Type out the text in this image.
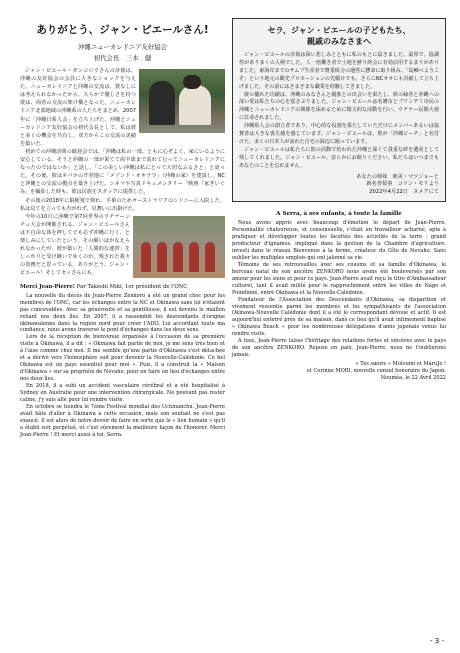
ありがとう、ジャン・ピエールさん!
沖縄ニューカレドニア友好協会
初代会長　三木　健

ジャン・ピエール・ゼンコロウさんの訃報は、沖縄の友好協会の会員に大きなショックを与えた。ニューカレドニアと沖縄の交流は、彼なしには考えられなかったから。大らかで優しさを持つ彼は、両者の交流の架け橋となった。ニューカレドニア北部地域の沖縄系の人たちをまとめ、2007年に「沖縄日系人会」を立ち上げた。沖縄とニューカレドニア友好協会の初代会長として、私は彼と多くの機会を共有し、双方からこの交流の実績を築いた。

初めての沖縄訪問の歓迎会では、「沖縄は私の一部、ともに心ぞよく、家にいるように安心している。そうと沖縄の一部が果てて両半球まで流れて行ってニューカレドニアになったのではないか」と話し、「この美しい沖縄は私にとって大切なふるさと」と語った。その後、彼はネバホの开発地に「メゾンド・オキナワ」（沖縄の家）を建設し、NCと沖縄との交流の拠点を築き上げた。シネマや写真ドキュメンタリー「映画「家ぎいぐみ」を撮影した時も、彼は民族をスタッフに提供した。

その後の2018年に脳梗塞で倒れ、手術のためオーストラリアのシドニーに入院した。私は見てを立っても否がれず、見舞いに出掛けた。

今年の10月に沖縄で第7回世界のウチナーンチュ大会が開催される。ジャン・ピエールさんは不自由な体を押してでも必ず沖縄に行く、と楽しみにしていたという。その願いはかなえられなかったが、彼が築いた「人間的な連帯」をしっかりと受け継いでゆくのが、残された我々の責務だと思っている。ありがとう、ジャン・ピエール！そしてセッさんにも。

Merci Jean-Pierre! Par Takeshi Miki, 1er président de l'ONC

La nouvelle du décès de Jean-Pierre Zenkoro a été un grand choc pour les membres de l'ONC, car les échanges entre la NC et Okinawa sans lui n'étaient pas concevables. Avec sa générosité et sa gentillesse, il est devenu le maillon reliant nos deux îles. En 2007, il a rassemblé les descendants d'origine okinawaïenne dans la région nord pour créer l'ADO. Lui accordant toute ma confiance, nous avons traversé le pont d'échanges dans les deux sens.

Lors de la réception de bienvenue organisée à l'occasion de sa première visite à Okinawa, il a dit : « Okinawa fait partie de moi, je me sens très bien et à l'aise comme chez moi. Il me semble qu'une partie d'Okinawa s'est détachée et a dérivé vers l'hémisphère sud pour devenir la Nouvelle-Calédonie. Ce bel Okinawa est un pays essentiel pour moi ». Puis, il a construit la « Maison d'Okinawa » sur sa propriété de Nevaho, pour en faire un lieu d'échanges entre nos deux îles.

En 2018, il a subi un accident vasculaire cérébral et a été hospitalisé à Sydney en Australie pour une intervention chirurgicale. Ne pouvant pas rester calme, j'y suis allé pour lui rendre visite.

En octobre se tiendra le 7ème Festival mondial des Uchinanchu. Jean-Pierre avait hâte d'aller à Okinawa à cette occasion, mais son souhait ne s'est pas exaucé. Il est alors de notre devoir de faire en sorte que le « lien humain » qu'il a établi soit perpétué, et c'est sûrement la meilleure façon de l'honorer. Merci Jean-Pierre ! Et merci aussi à toi, Serra.

セラ、ジャン・ピエールの子どもたち、
親戚のみなさまへ

ジャン・ピエールの訃報は深い悲しみとともに私のもとに届きました。温厚で、協調性があり多くの人柄でした。人一倍働き者で土地を鮮り終会に有効活用するまりがありました。東海岸までのサムプ生産者で農業組合の運営に懸命に取り組み、「島嶼べようこそ」という地元の観光プロモーションの先駆けでも、さらにNCオオにも貢献して立ち上げました。その前にはさまざまな職業を経験してきました。

彼の優れた功績は、沖縄のみなさんと親族との出会いを果たし、彼の縁者と沖縄への深い愛は私たちの心を揺さぶりました。ジャン・ピエールは名護市とブワンデミ市民の沖縄とニューカレドニアの関係を深めるために精力的な活動を行い、ウチナー民間大使に任命されました。

沖縄県人会の創立者であり、中心的な役割を果たしていただけにメンバーあるいは協賛者は大きな喪失感を感じています。ジャン・ピエールは、彼が「沖縄ビーチ」と名付けた、多くの日本人が訪れた自宅の海辺に眠っています。

ジャン・ピエールは私たちに彼の活動で培われた沖縄と深くて貴重な絆を遺産として残してくれました。ジャン・ピエール、安らかにお眠りください。私たちはいつまでもあなたのことを忘れません。

あなたの姉妹　睦美・マツジョーと
新名誉領事　コリン・モリより
2022年4月22日　ヌメアにて
A Serra, à ses enfants, à toute la famille

Nous avons appris avec beaucoup d'émotion le départ de Jean-Pierre. Personnalité chaleureuse, et consensuelle, c'était un travailleur acharné, apte à pratiquer et développer toutes les facettes des activités de la terre : grand producteur d'ignames, impliqué dans la gestion de la Chambre d'agriculture, investi dans le réseau Bienvenue à la ferme, créateur du Gîte de Nevaho. Sans oublier les multiples emplois qui ont jalonné sa vie.

Témoins de ses retrouvailles avec ses cousins et sa famille d'Okinawa, le berceau natal de son ancêtre ZENKORO nous avons été bouleversés par son amour pour les siens et pour ce pays. Jean-Pierre avait reçu le titre d'Ambassadeur culturel, tant il avait milité pour le rapprochement entre les villes de Nago et Poindimié, entre Okinawa et la Nouvelle-Calédonie.

Fondateur de l'Association des Descendants d'Okinawa, sa disparition et vivement ressentie parmi les membres et les sympathisants de l'association Okinawa-Nouvelle Calédonie dont il a été le correspondant dévoué et actif. Il est aujourd'hui enterré près de sa maison, dans ce lieu qu'il avait intimement baptisé « Okinawa Beach » pour les nombreuses délégations d'amis japonais venus lui rendre visite.

A tous, Jean-Pierre laisse l'héritage des relations fortes et sincères avec le pays de son ancêtre ZENKORO. Repose en paix, Jean-Pierre, nous ne t'oublierons jamais.

« Tes sœurs » Mutsumi et MaruJo !
et Corinne MORI, nouvelle consul honoraire du Japon.
Nouméa, le 22 Avril 2022
- 3 -
